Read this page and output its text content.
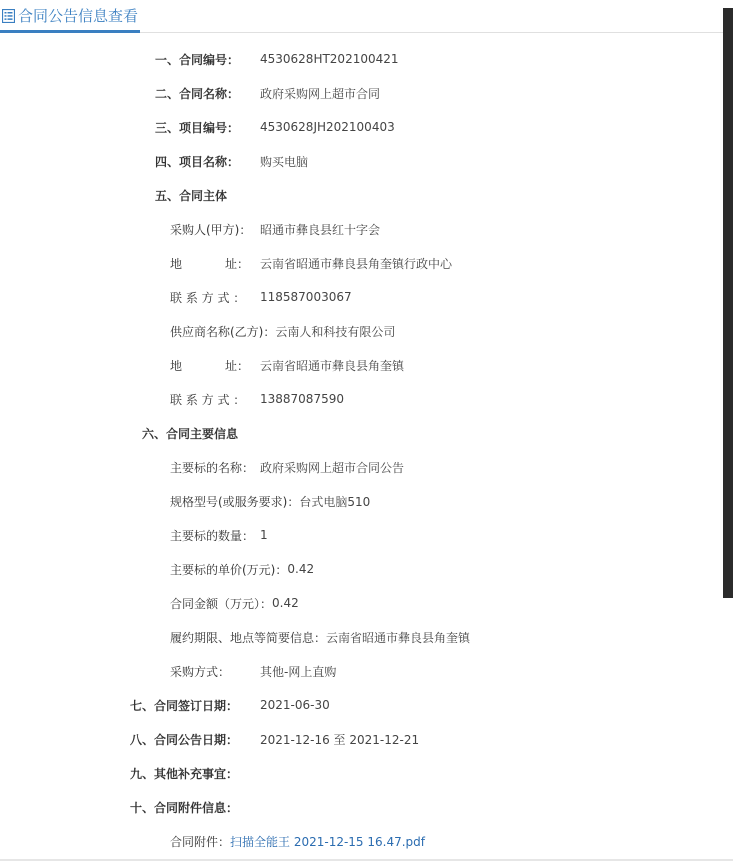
合同公告信息查看
一、合同编号： 4530628HT202100421
二、合同名称： 政府采购网上超市合同
三、项目编号： 4530628JH202100403
四、项目名称： 购买电脑
五、合同主体
采购人(甲方)： 昭通市彝良县红十字会
地	址： 云南省昭通市彝良县角奎镇行政中心
联 系 方 式 ： 118587003067
供应商名称(乙方)： 云南人和科技有限公司
地	址： 云南省昭通市彝良县角奎镇
联 系 方 式 ： 13887087590
六、合同主要信息
主要标的名称： 政府采购网上超市合同公告
规格型号(或服务要求)： 台式电脑510
主要标的数量： 1
主要标的单价(万元)： 0.42
合同金额（万元）： 0.42
履约期限、地点等简要信息： 云南省昭通市彝良县角奎镇
采购方式： 其他-网上直购
七、合同签订日期： 2021-06-30
八、合同公告日期： 2021-12-16 至 2021-12-21
九、其他补充事宜：
十、合同附件信息：
合同附件： 扫描全能王 2021-12-15 16.47.pdf
